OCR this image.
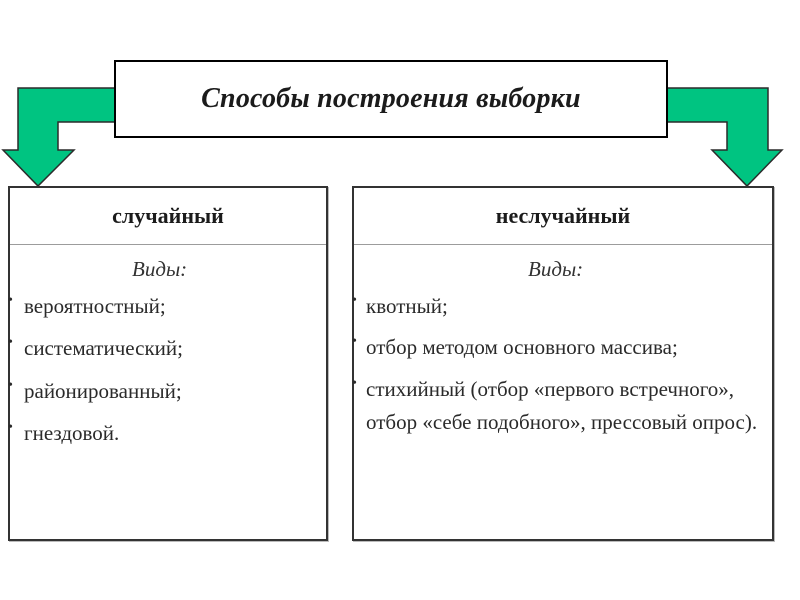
Способы построения выборки
случайный
Виды:
• вероятностный;
• систематический;
• районированный;
• гнездовой.
неслучайный
Виды:
• квотный;
• отбор методом основного массива;
• стихийный (отбор «первого встречного», отбор «себе подобного», прессовый опрос).
